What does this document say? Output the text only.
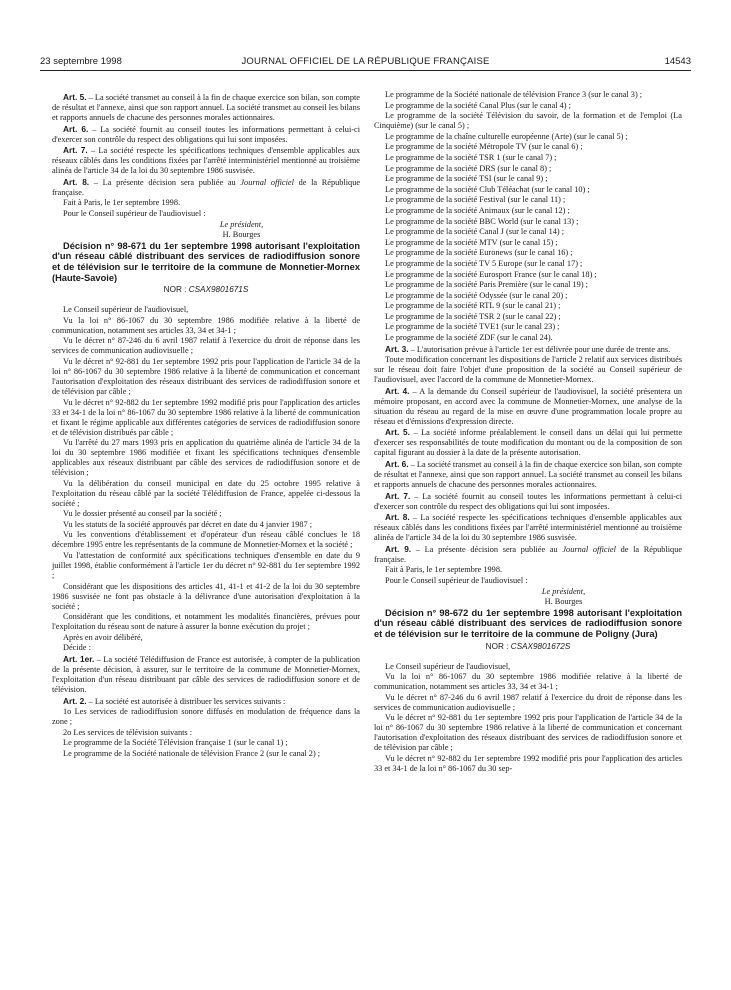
23 septembre 1998	JOURNAL OFFICIEL DE LA RÉPUBLIQUE FRANÇAISE	14543

Art. 5. – La société transmet au conseil à la fin de chaque exercice son bilan, son compte de résultat et l'annexe, ainsi que son rapport annuel. La société transmet au conseil les bilans et rapports annuels de chacune des personnes morales actionnaires.

Art. 6. – La société fournit au conseil toutes les informations permettant à celui-ci d'exercer son contrôle du respect des obligations qui lui sont imposées.

Art. 7. – La société respecte les spécifications techniques d'ensemble applicables aux réseaux câblés dans les conditions fixées par l'arrêté interministériel mentionné au troisième alinéa de l'article 34 de la loi du 30 septembre 1986 susvisée.

Art. 8. – La présente décision sera publiée au Journal officiel de la République française.

Fait à Paris, le 1er septembre 1998.

Pour le Conseil supérieur de l'audiovisuel :

Le président,

H. Bourges

Décision n° 98-671 du 1er septembre 1998 autorisant l'exploitation d'un réseau câblé distribuant des services de radiodiffusion sonore et de télévision sur le territoire de la commune de Monnetier-Mornex (Haute-Savoie)

NOR : CSAX9801671S

Le Conseil supérieur de l'audiovisuel,

Vu la loi n° 86-1067 du 30 septembre 1986 modifiée relative à la liberté de communication, notamment ses articles 33, 34 et 34-1 ;

Vu le décret n° 87-246 du 6 avril 1987 relatif à l'exercice du droit de réponse dans les services de communication audiovisuelle ;

Vu le décret n° 92-881 du 1er septembre 1992 pris pour l'application de l'article 34 de la loi n° 86-1067 du 30 septembre 1986 relative à la liberté de communication et concernant l'autorisation d'exploitation des réseaux distribuant des services de radiodiffusion sonore et de télévision par câble ;

Vu le décret n° 92-882 du 1er septembre 1992 modifié pris pour l'application des articles 33 et 34-1 de la loi n° 86-1067 du 30 septembre 1986 relative à la liberté de communication et fixant le régime applicable aux différentes catégories de services de radiodiffusion sonore et de télévision distribués par câble ;

Vu l'arrêté du 27 mars 1993 pris en application du quatrième alinéa de l'article 34 de la loi du 30 septembre 1986 modifiée et fixant les spécifications techniques d'ensemble applicables aux réseaux distribuant par câble des services de radiodiffusion sonore et de télévision ;

Vu la délibération du conseil municipal en date du 25 octobre 1995 relative à l'exploitation du réseau câblé par la société Télédiffusion de France, appelée ci-dessous la société ;

Vu le dossier présenté au conseil par la société ;

Vu les statuts de la société approuvés par décret en date du 4 janvier 1987 ;

Vu les conventions d'établissement et d'opérateur d'un réseau câblé conclues le 18 décembre 1995 entre les représentants de la commune de Monnetier-Mornex et la société ;

Vu l'attestation de conformité aux spécifications techniques d'ensemble en date du 9 juillet 1998, établie conformément à l'article 1er du décret n° 92-881 du 1er septembre 1992 ;

Considérant que les dispositions des articles 41, 41-1 et 41-2 de la loi du 30 septembre 1986 susvisée ne font pas obstacle à la délivrance d'une autorisation d'exploitation à la société ;

Considérant que les conditions, et notamment les modalités financières, prévues pour l'exploitation du réseau sont de nature à assurer la bonne exécution du projet ;

Après en avoir délibéré,

Décide :

Art. 1er. – La société Télédiffusion de France est autorisée, à compter de la publication de la présente décision, à assurer, sur le territoire de la commune de Monnetier-Mornex, l'exploitation d'un réseau distribuant par câble des services de radiodiffusion sonore et de télévision.

Art. 2. – La société est autorisée à distribuer les services suivants :

1o Les services de radiodiffusion sonore diffusés en modulation de fréquence dans la zone ;

2o Les services de télévision suivants :

Le programme de la Société Télévision française 1 (sur le canal 1) ;

Le programme de la Société nationale de télévision France 2 (sur le canal 2) ;

Le programme de la Société nationale de télévision France 3 (sur le canal 3) ;

Le programme de la société Canal Plus (sur le canal 4) ;

Le programme de la société Télévision du savoir, de la formation et de l'emploi (La Cinquième) (sur le canal 5) ;

Le programme de la chaîne culturelle européenne (Arte) (sur le canal 5) ;

Le programme de la société Métropole TV (sur le canal 6) ;

Le programme de la société TSR 1 (sur le canal 7) ;

Le programme de la société DRS (sur le canal 8) ;

Le programme de la société TSI (sur le canal 9) ;

Le programme de la société Club Téléachat (sur le canal 10) ;

Le programme de la société Festival (sur le canal 11) ;

Le programme de la société Animaux (sur le canal 12) ;

Le programme de la société BBC World (sur le canal 13) ;

Le programme de la société Canal J (sur le canal 14) ;

Le programme de la société MTV (sur le canal 15) ;

Le programme de la société Euronews (sur le canal 16) ;

Le programme de la société TV 5 Europe (sur le canal 17) ;

Le programme de la société Eurosport France (sur le canal 18) ;

Le programme de la société Paris Première (sur le canal 19) ;

Le programme de la société Odyssée (sur le canal 20) ;

Le programme de la société RTL 9 (sur le canal 21) ;

Le programme de la société TSR 2 (sur le canal 22) ;

Le programme de la société TVE1 (sur le canal 23) ;

Le programme de la société ZDF (sur le canal 24).

Art. 3. – L'autorisation prévue à l'article 1er est délivrée pour une durée de trente ans.

Toute modification concernant les dispositions de l'article 2 relatif aux services distribués sur le réseau doit faire l'objet d'une proposition de la société au Conseil supérieur de l'audiovisuel, avec l'accord de la commune de Monnetier-Mornex.

Art. 4. – A la demande du Conseil supérieur de l'audiovisuel, la société présentera un mémoire proposant, en accord avec la commune de Monnetier-Mornex, une analyse de la situation du réseau au regard de la mise en œuvre d'une programmation locale propre au réseau et d'émissions d'expression directe.

Art. 5. – La société informe préalablement le conseil dans un délai qui lui permette d'exercer ses responsabilités de toute modification du montant ou de la composition de son capital figurant au dossier à la date de la présente autorisation.

Art. 6. – La société transmet au conseil à la fin de chaque exercice son bilan, son compte de résultat et l'annexe, ainsi que son rapport annuel. La société transmet au conseil les bilans et rapports annuels de chacune des personnes morales actionnaires.

Art. 7. – La société fournit au conseil toutes les informations permettant à celui-ci d'exercer son contrôle du respect des obligations qui lui sont imposées.

Art. 8. – La société respecte les spécifications techniques d'ensemble applicables aux réseaux câblés dans les conditions fixées par l'arrêté interministériel mentionné au troisième alinéa de l'article 34 de la loi du 30 septembre 1986 susvisée.

Art. 9. – La présente décision sera publiée au Journal officiel de la République française.

Fait à Paris, le 1er septembre 1998.

Pour le Conseil supérieur de l'audiovisuel :

Le président,

H. Bourges

Décision n° 98-672 du 1er septembre 1998 autorisant l'exploitation d'un réseau câblé distribuant des services de radiodiffusion sonore et de télévision sur le territoire de la commune de Poligny (Jura)

NOR : CSAX9801672S

Le Conseil supérieur de l'audiovisuel,

Vu la loi n° 86-1067 du 30 septembre 1986 modifiée relative à la liberté de communication, notamment ses articles 33, 34 et 34-1 ;

Vu le décret n° 87-246 du 6 avril 1987 relatif à l'exercice du droit de réponse dans les services de communication audiovisuelle ;

Vu le décret n° 92-881 du 1er septembre 1992 pris pour l'application de l'article 34 de la loi n° 86-1067 du 30 septembre 1986 relative à la liberté de communication et concernant l'autorisation d'exploitation des réseaux distribuant des services de radiodiffusion sonore et de télévision par câble ;

Vu le décret n° 92-882 du 1er septembre 1992 modifié pris pour l'application des articles 33 et 34-1 de la loi n° 86-1067 du 30 sep-
